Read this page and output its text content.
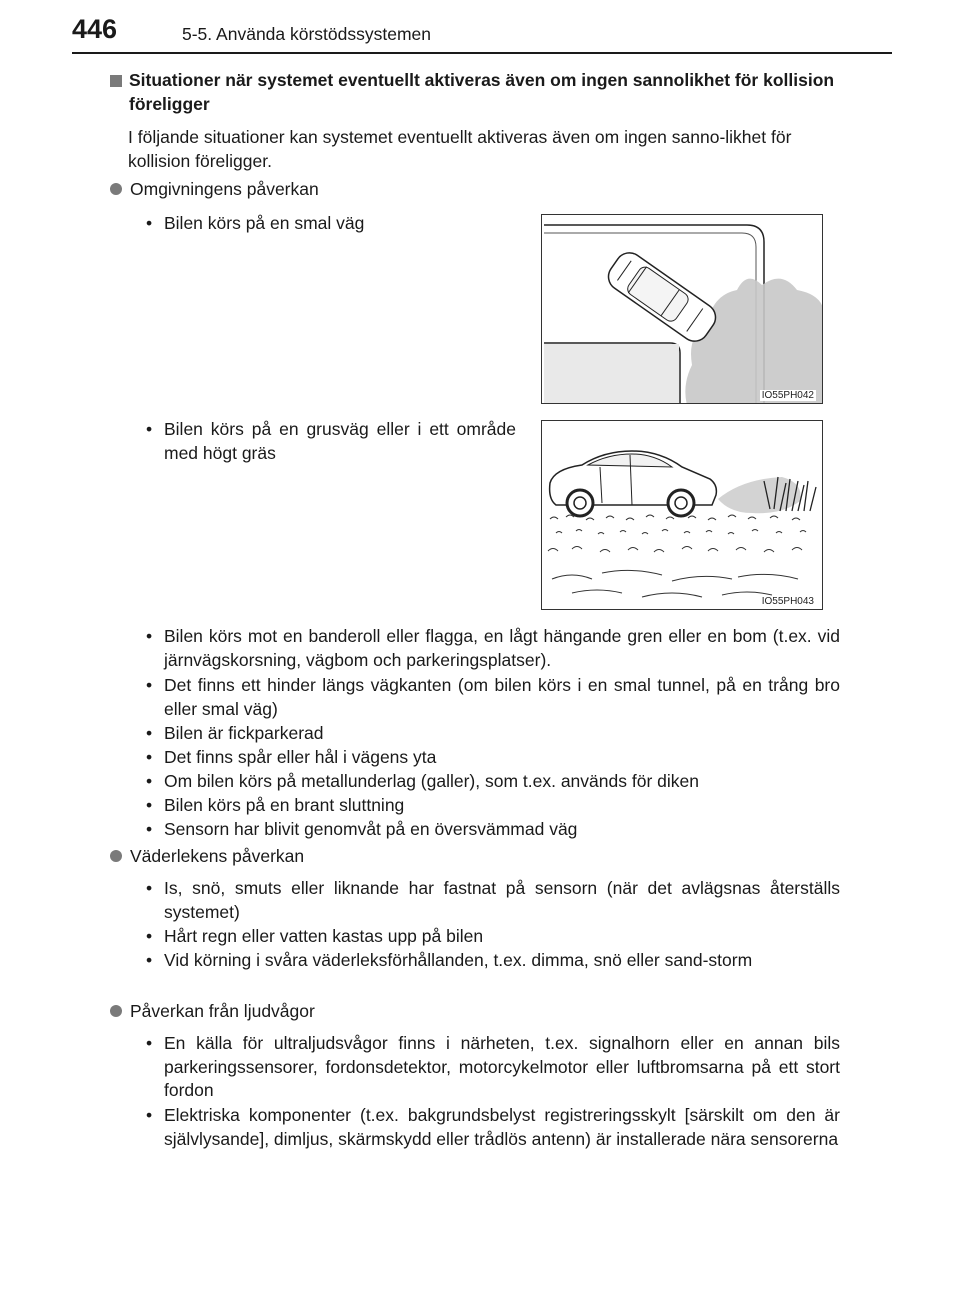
446	5-5. Använda körstödssystemen
Situationer när systemet eventuellt aktiveras även om ingen sannolikhet för kollision föreligger
I följande situationer kan systemet eventuellt aktiveras även om ingen sanno-likhet för kollision föreligger.
Omgivningens påverkan
• Bilen körs på en smal väg
• Bilen körs på en grusväg eller i ett område med högt gräs
IO55PH042
IO55PH043
• Bilen körs mot en banderoll eller flagga, en lågt hängande gren eller en bom (t.ex. vid järnvägskorsning, vägbom och parkeringsplatser).
• Det finns ett hinder längs vägkanten (om bilen körs i en smal tunnel, på en trång bro eller smal väg)
• Bilen är fickparkerad
• Det finns spår eller hål i vägens yta
• Om bilen körs på metallunderlag (galler), som t.ex. används för diken
• Bilen körs på en brant sluttning
• Sensorn har blivit genomvåt på en översvämmad väg
Väderlekens påverkan
• Is, snö, smuts eller liknande har fastnat på sensorn (när det avlägsnas återställs systemet)
• Hårt regn eller vatten kastas upp på bilen
• Vid körning i svåra väderleksförhållanden, t.ex. dimma, snö eller sand-storm
Påverkan från ljudvågor
• En källa för ultraljudsvågor finns i närheten, t.ex. signalhorn eller en annan bils parkeringssensorer, fordonsdetektor, motorcykelmotor eller luftbromsarna på ett stort fordon
• Elektriska komponenter (t.ex. bakgrundsbelyst registreringsskylt [särskilt om den är självlysande], dimljus, skärmskydd eller trådlös antenn) är installerade nära sensorerna
